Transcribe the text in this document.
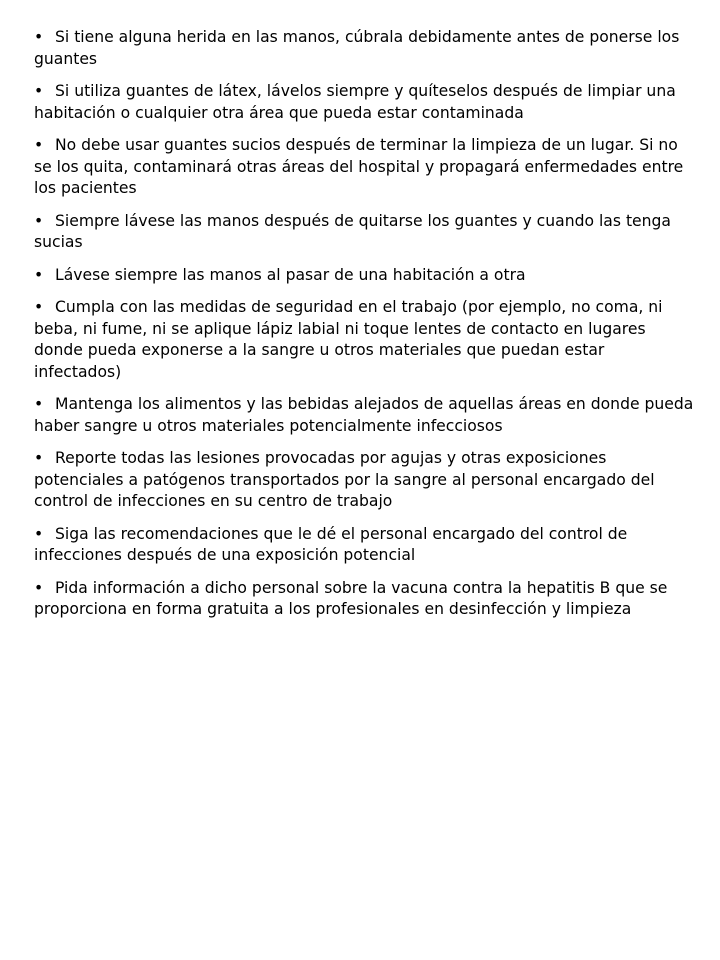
• Si tiene alguna herida en las manos, cúbrala debidamente antes de ponerse los guantes
• Si utiliza guantes de látex, lávelos siempre y quíteselos después de limpiar una habitación o cualquier otra área que pueda estar contaminada
• No debe usar guantes sucios después de terminar la limpieza de un lugar. Si no se los quita, contaminará otras áreas del hospital y propagará enfermedades entre los pacientes
• Siempre lávese las manos después de quitarse los guantes y cuando las tenga sucias
• Lávese siempre las manos al pasar de una habitación a otra
• Cumpla con las medidas de seguridad en el trabajo (por ejemplo, no coma, ni beba, ni fume, ni se aplique lápiz labial ni toque lentes de contacto en lugares donde pueda exponerse a la sangre u otros materiales que puedan estar infectados)
• Mantenga los alimentos y las bebidas alejados de aquellas áreas en donde pueda haber sangre u otros materiales potencialmente infecciosos
• Reporte todas las lesiones provocadas por agujas y otras exposiciones potenciales a patógenos transportados por la sangre al personal encargado del control de infecciones en su centro de trabajo
• Siga las recomendaciones que le dé el personal encargado del control de infecciones después de una exposición potencial
• Pida información a dicho personal sobre la vacuna contra la hepatitis B que se proporciona en forma gratuita a los profesionales en desinfección y limpieza
